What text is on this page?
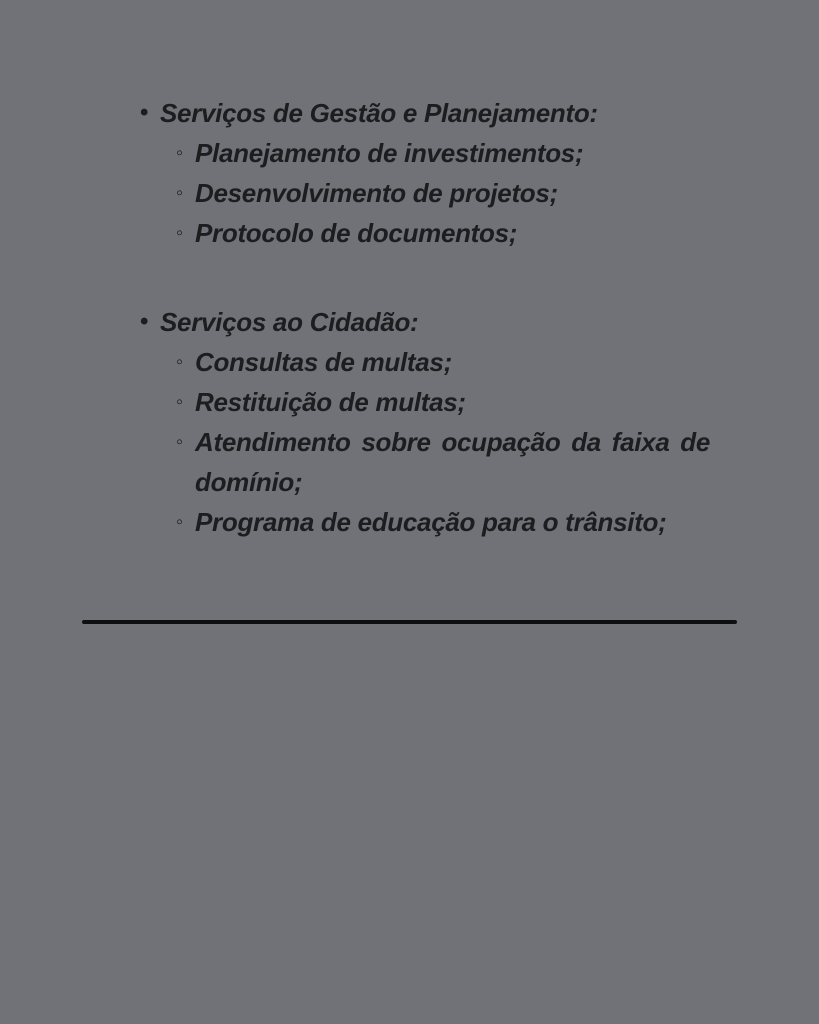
• Serviços de Gestão e Planejamento:
◦ Planejamento de investimentos;
◦ Desenvolvimento de projetos;
◦ Protocolo de documentos;
• Serviços ao Cidadão:
◦ Consultas de multas;
◦ Restituição de multas;
◦ Atendimento sobre ocupação da faixa de domínio;
◦ Programa de educação para o trânsito;
